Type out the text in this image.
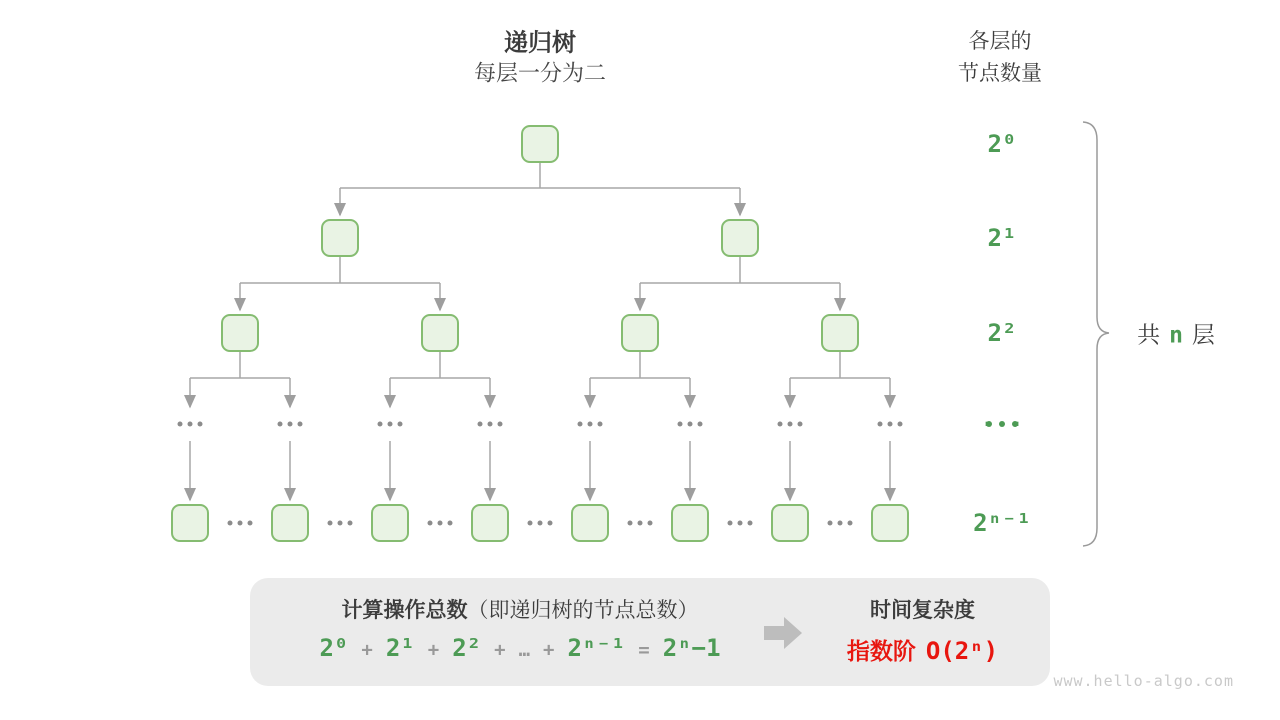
递归树
每层一分为二
各层的
节点数量
2⁰
2¹
2²
···
2ⁿ⁻¹
共 n 层
计算操作总数（即递归树的节点总数）
2⁰ + 2¹ + 2² + … + 2ⁿ⁻¹ = 2ⁿ−1
时间复杂度
指数阶 O(2ⁿ)
www.hello-algo.com
